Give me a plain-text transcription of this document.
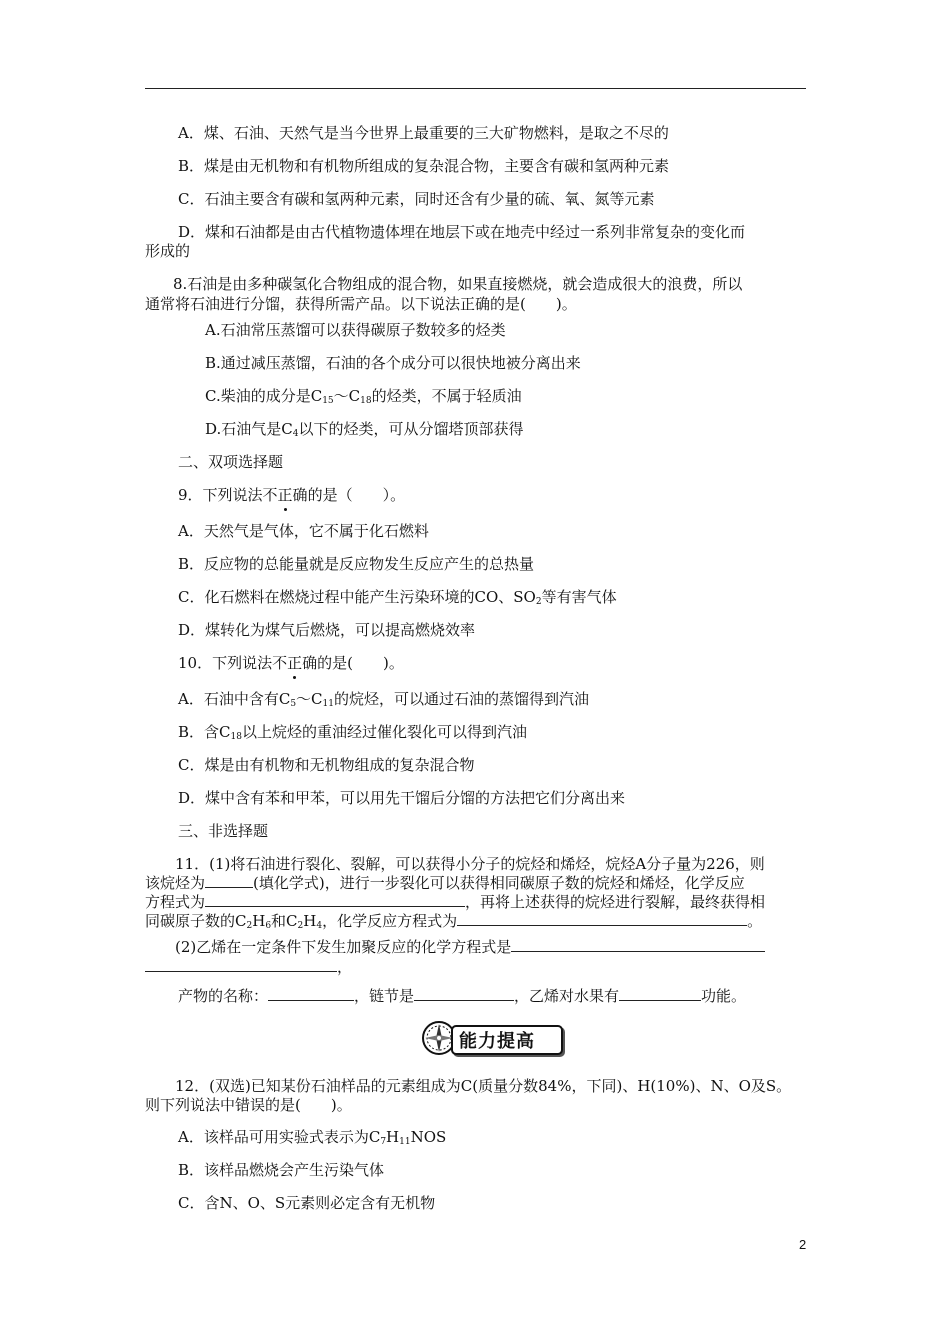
A．煤、石油、天然气是当今世界上最重要的三大矿物燃料，是取之不尽的
B．煤是由无机物和有机物所组成的复杂混合物，主要含有碳和氢两种元素
C．石油主要含有碳和氢两种元素，同时还含有少量的硫、氧、氮等元素
D．煤和石油都是由古代植物遗体埋在地层下或在地壳中经过一系列非常复杂的变化而
形成的
8.石油是由多种碳氢化合物组成的混合物，如果直接燃烧，就会造成很大的浪费，所以
通常将石油进行分馏，获得所需产品。以下说法正确的是(　　)。
A.石油常压蒸馏可以获得碳原子数较多的烃类
B.通过减压蒸馏，石油的各个成分可以很快地被分离出来
C.柴油的成分是$C_{15}\sim C_{18}$的烃类，不属于轻质油
D.石油气是$C_4$以下的烃类，可从分馏塔顶部获得
二、双项选择题
9．下列说法不正确的是（　　）。
A．天然气是气体，它不属于化石燃料
B．反应物的总能量就是反应物发生反应产生的总热量
C．化石燃料在燃烧过程中能产生污染环境的CO、$SO_2$等有害气体
D．煤转化为煤气后燃烧，可以提高燃烧效率
10．下列说法不正确的是(　　)。
A．石油中含有$C_5\sim C_{11}$的烷烃，可以通过石油的蒸馏得到汽油
B．含$C_{18}$以上烷烃的重油经过催化裂化可以得到汽油
C．煤是由有机物和无机物组成的复杂混合物
D．煤中含有苯和甲苯，可以用先干馏后分馏的方法把它们分离出来
三、非选择题
11．(1)将石油进行裂化、裂解，可以获得小分子的烷烃和烯烃，烷烃A分子量为226，则
该烷烃为	(填化学式)，进行一步裂化可以获得相同碳原子数的烷烃和烯烃，化学反应
方程式为	，再将上述获得的烷烃进行裂解，最终获得相
同碳原子数的$C_2H_6$和$C_2H_4$，化学反应方程式为	。
(2)乙烯在一定条件下发生加聚反应的化学方程式是
，
产物的名称：	，链节是	，乙烯对水果有	功能。
能力提高
12．(双选)已知某份石油样品的元素组成为C(质量分数84%，下同)、H(10%)、N、O及S。
则下列说法中错误的是(　　)。
A．该样品可用实验式表示为$C_7H_{11}NOS$
B．该样品燃烧会产生污染气体
C．含N、O、S元素则必定含有无机物
2
